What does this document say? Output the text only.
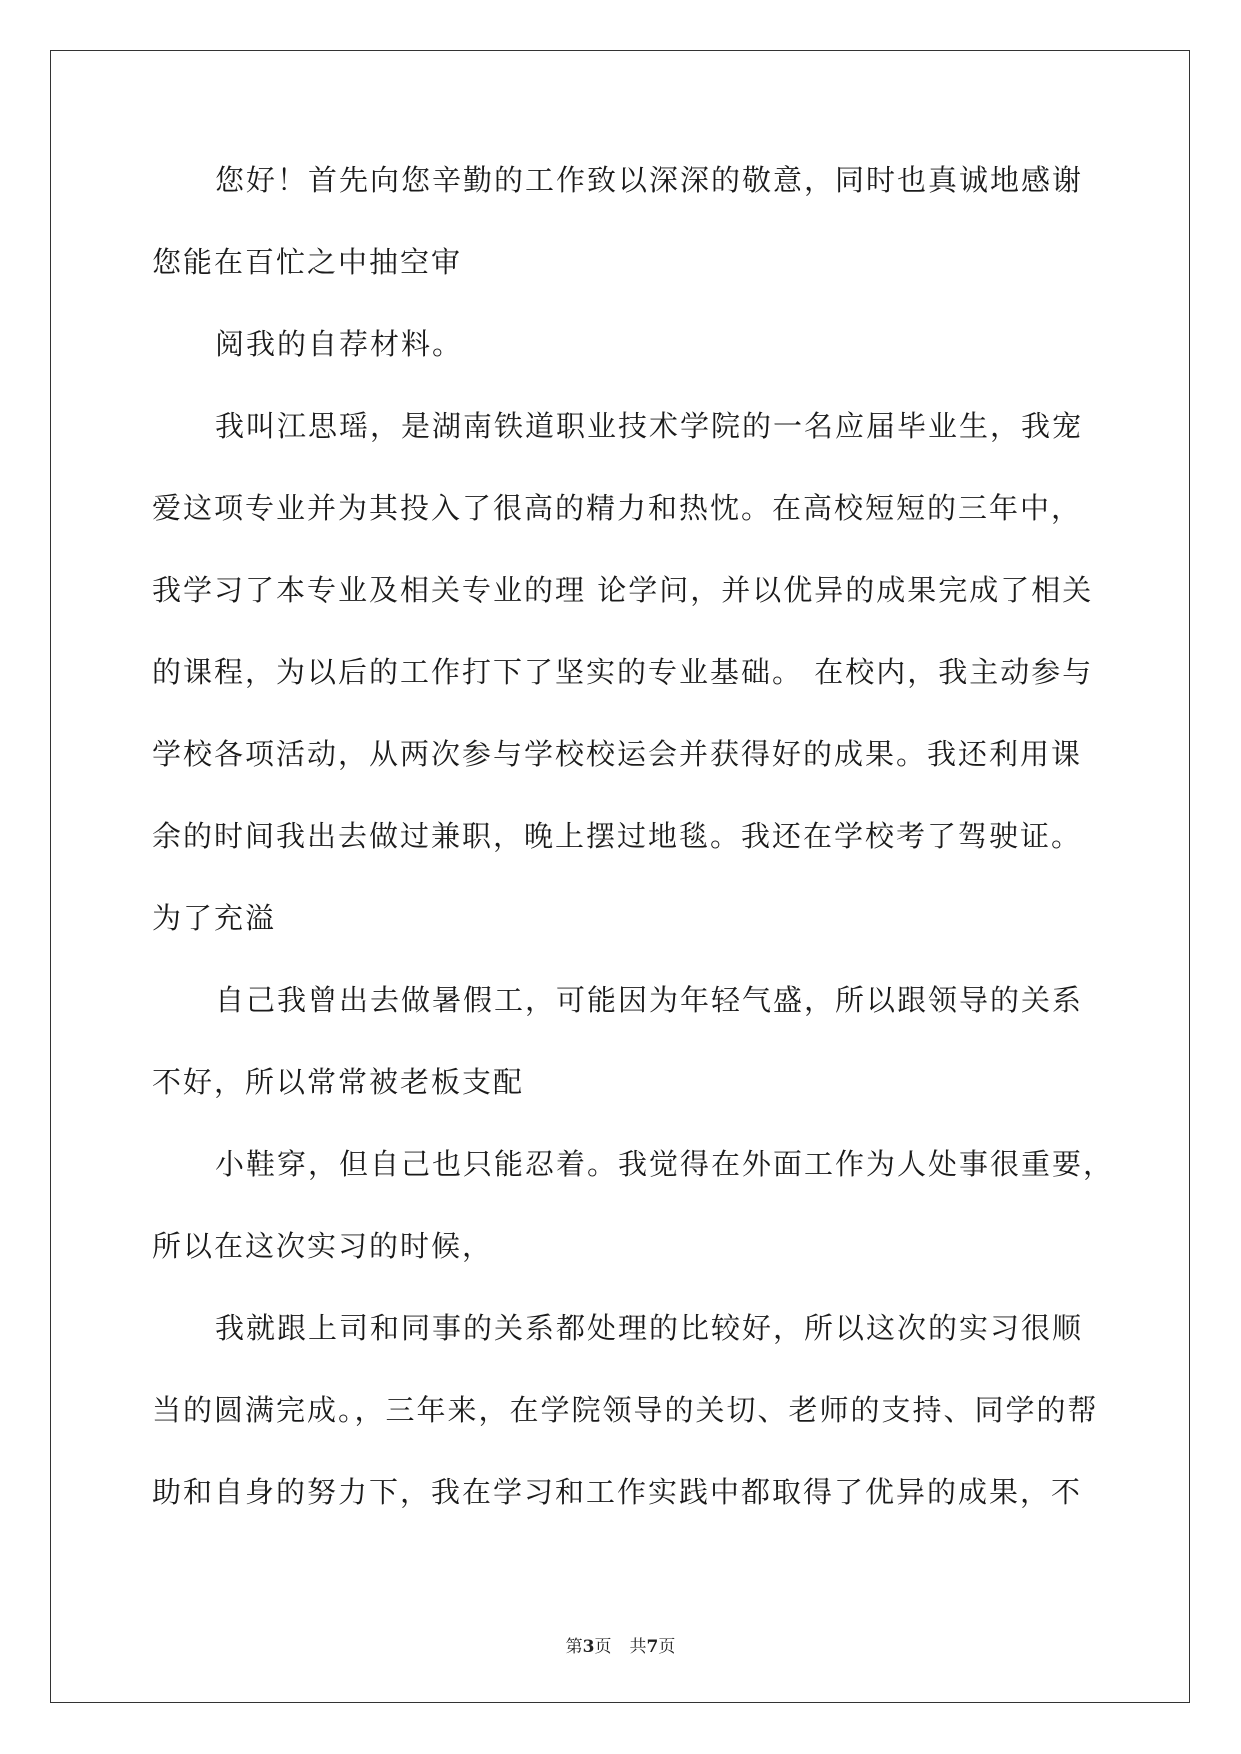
您好！首先向您辛勤的工作致以深深的敬意，同时也真诚地感谢
您能在百忙之中抽空审
阅我的自荐材料。
我叫江思瑶，是湖南铁道职业技术学院的一名应届毕业生，我宠
爱这项专业并为其投入了很高的精力和热忱。在高校短短的三年中，
我学习了本专业及相关专业的理 论学问，并以优异的成果完成了相关
的课程，为以后的工作打下了坚实的专业基础。 在校内，我主动参与
学校各项活动，从两次参与学校校运会并获得好的成果。我还利用课
余的时间我出去做过兼职，晚上摆过地毯。我还在学校考了驾驶证。
为了充溢
自己我曾出去做暑假工，可能因为年轻气盛，所以跟领导的关系
不好，所以常常被老板支配
小鞋穿，但自己也只能忍着。我觉得在外面工作为人处事很重要，
所以在这次实习的时候，
我就跟上司和同事的关系都处理的比较好，所以这次的实习很顺
当的圆满完成。，三年来，在学院领导的关切、老师的支持、同学的帮
助和自身的努力下，我在学习和工作实践中都取得了优异的成果，不
第3页 共7页
